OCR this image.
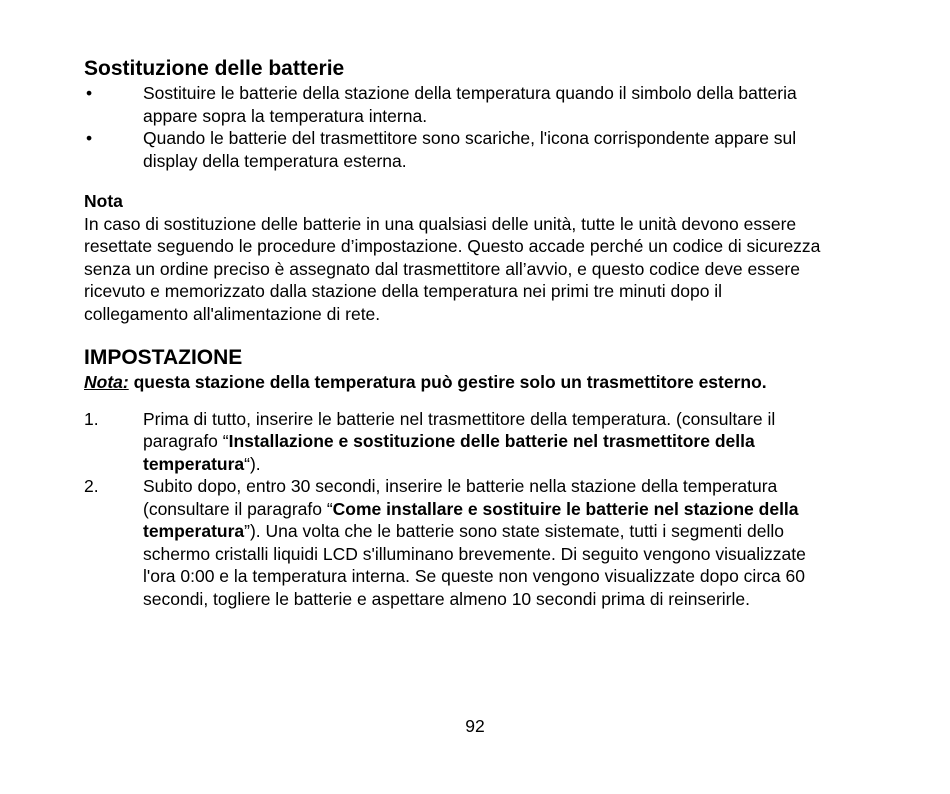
Sostituzione delle batterie
•	Sostituire le batterie della stazione della temperatura quando il simbolo della batteria appare sopra la temperatura interna.
•	Quando le batterie del trasmettitore sono scariche, l'icona corrispondente appare sul display della temperatura esterna.
Nota

In caso di sostituzione delle batterie in una qualsiasi delle unità, tutte le unità devono essere resettate seguendo le procedure d’impostazione. Questo accade perché un codice di sicurezza senza un ordine preciso è assegnato dal trasmettitore all’avvio, e questo codice deve essere ricevuto e memorizzato dalla stazione della temperatura nei primi tre minuti dopo il collegamento all'alimentazione di rete.

IMPOSTAZIONE

Nota: questa stazione della temperatura può gestire solo un trasmettitore esterno.

1.	Prima di tutto, inserire le batterie nel trasmettitore della temperatura. (consultare il paragrafo “Installazione e sostituzione delle batterie nel trasmettitore della temperatura“).
2.	Subito dopo, entro 30 secondi, inserire le batterie nella stazione della temperatura (consultare il paragrafo “Come installare e sostituire le batterie nel stazione della temperatura”). Una volta che le batterie sono state sistemate, tutti i segmenti dello schermo cristalli liquidi LCD s'illuminano brevemente. Di seguito vengono visualizzate l'ora 0:00 e la temperatura interna. Se queste non vengono visualizzate dopo circa 60 secondi, togliere le batterie e aspettare almeno 10 secondi prima di reinserirle.
92
